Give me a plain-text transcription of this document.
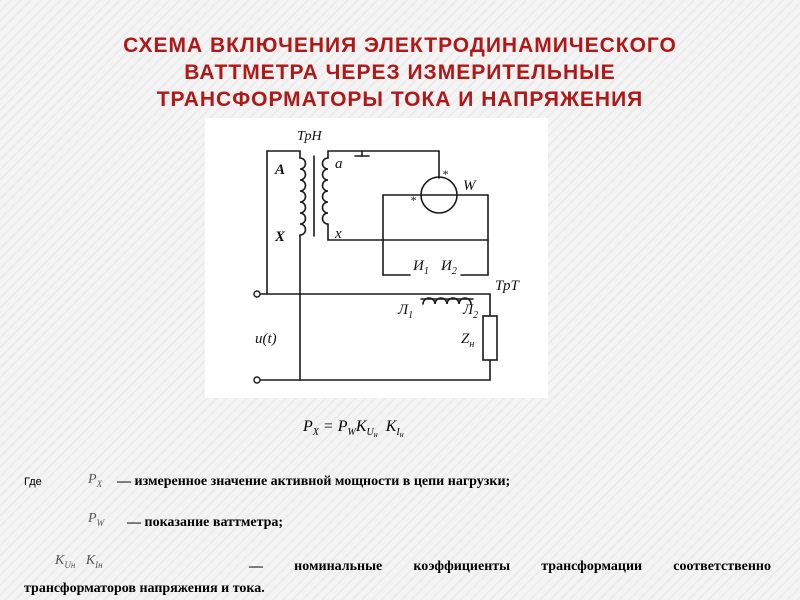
СХЕМА ВКЛЮЧЕНИЯ ЭЛЕКТРОДИНАМИЧЕСКОГО
ВАТТМЕТРА ЧЕРЕЗ ИЗМЕРИТЕЛЬНЫЕ
ТРАНСФОРМАТОРЫ ТОКА И НАПРЯЖЕНИЯ
ТрН
A
X
a
x
W
*
*
$И_1$ $И_2$
ТрТ
$Л_1$	$Л_2$
$Z_н$
u(t)
$P_X = P_WK_{U_н}$ $K_{I_н}$
Где	$P_X$ — измеренное значение активной мощности в цепи нагрузки;
$P_W$ — показание ваттметра;
$K_{Uн}$ $K_{Iн}$	— номинальные коэффициенты трансформации соответственно трансформаторов напряжения и тока.
